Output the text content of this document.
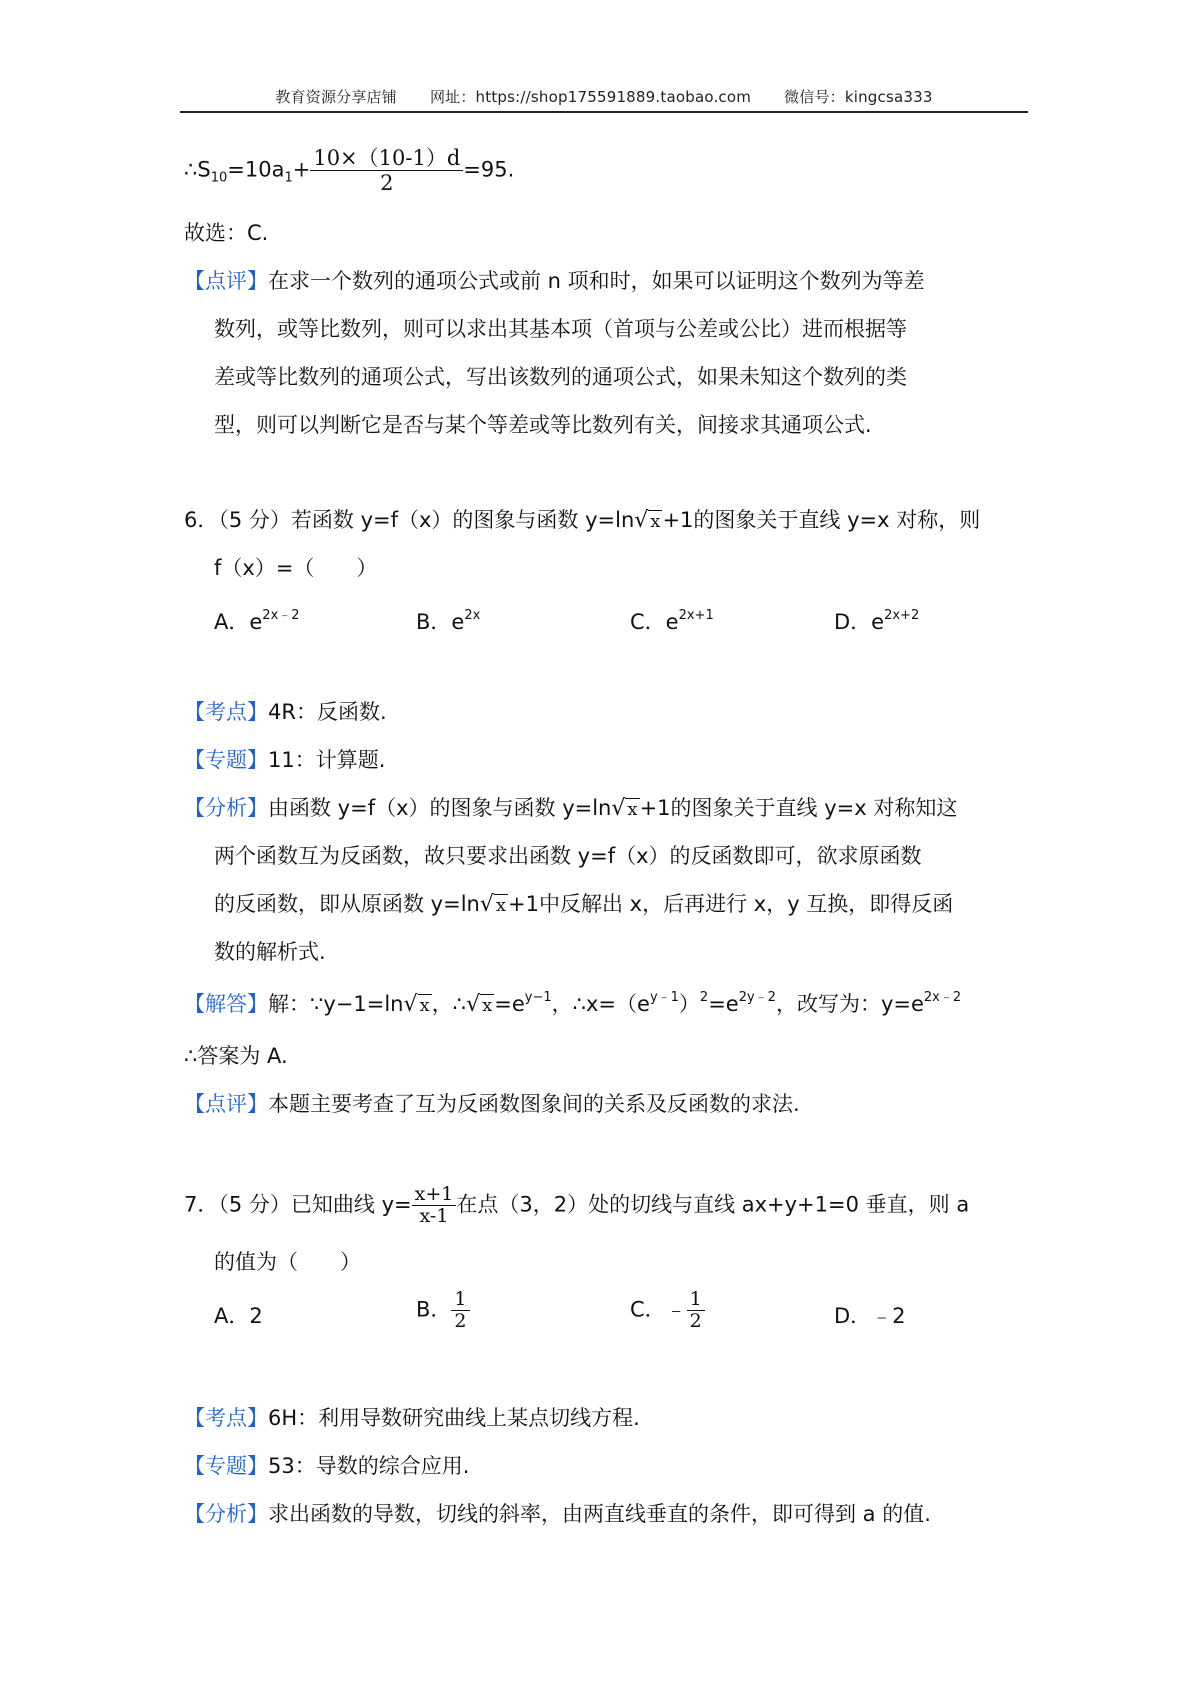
教育资源分享店铺 网址：https://shop175591889.taobao.com 微信号：kingcsa333
$\therefore S_{10}=10a_1+ \frac{10\times(10-1)d}{2} =95$.
故选：C.
【点评】在求一个数列的通项公式或前 n 项和时，如果可以证明这个数列为等差
数列，或等比数列，则可以求出其基本项（首项与公差或公比）进而根据等
差或等比数列的通项公式，写出该数列的通项公式，如果未知这个数列的类
型，则可以判断它是否与某个等差或等比数列有关，间接求其通项公式.
6．（5 分）若函数 y=f（x）的图象与函数 y=ln√ x+1的图象关于直线 y=x 对称，则
f（x）=（　　）
A．$e^{2x﹣2}$	B．$e^{2x}$	C．$e^{2x+1}$	D．$e^{2x+2}$
【考点】4R：反函数.
【专题】11：计算题.
【分析】由函数 y=f（x）的图象与函数 y=ln√ x+1的图象关于直线 y=x 对称知这
两个函数互为反函数，故只要求出函数 y=f（x）的反函数即可，欲求原函数
的反函数，即从原函数 y=ln√ x+1中反解出 x，后再进行 x，y 互换，即得反函
数的解析式.
【解答】解：∵y−1=ln√ x，∴√ $x=e^{y-1}$，$\therefore x=(e^{y﹣1})^2=e^{2y﹣2}$，改写为：$y=e^{2x﹣2}$
∴答案为 A.
【点评】本题主要考查了互为反函数图象间的关系及反函数的求法.
7．（5 分）已知曲线 $y= \frac{x+1}{x-1}$ 在点（3，2）处的切线与直线 ax+y+1=0 垂直，则 a
的值为（　　）
A．2	B． $\frac{1}{2}$	C．﹣ $\frac{1}{2}$	D．﹣2
【考点】6H：利用导数研究曲线上某点切线方程.
【专题】53：导数的综合应用.
【分析】求出函数的导数，切线的斜率，由两直线垂直的条件，即可得到 a 的值.
